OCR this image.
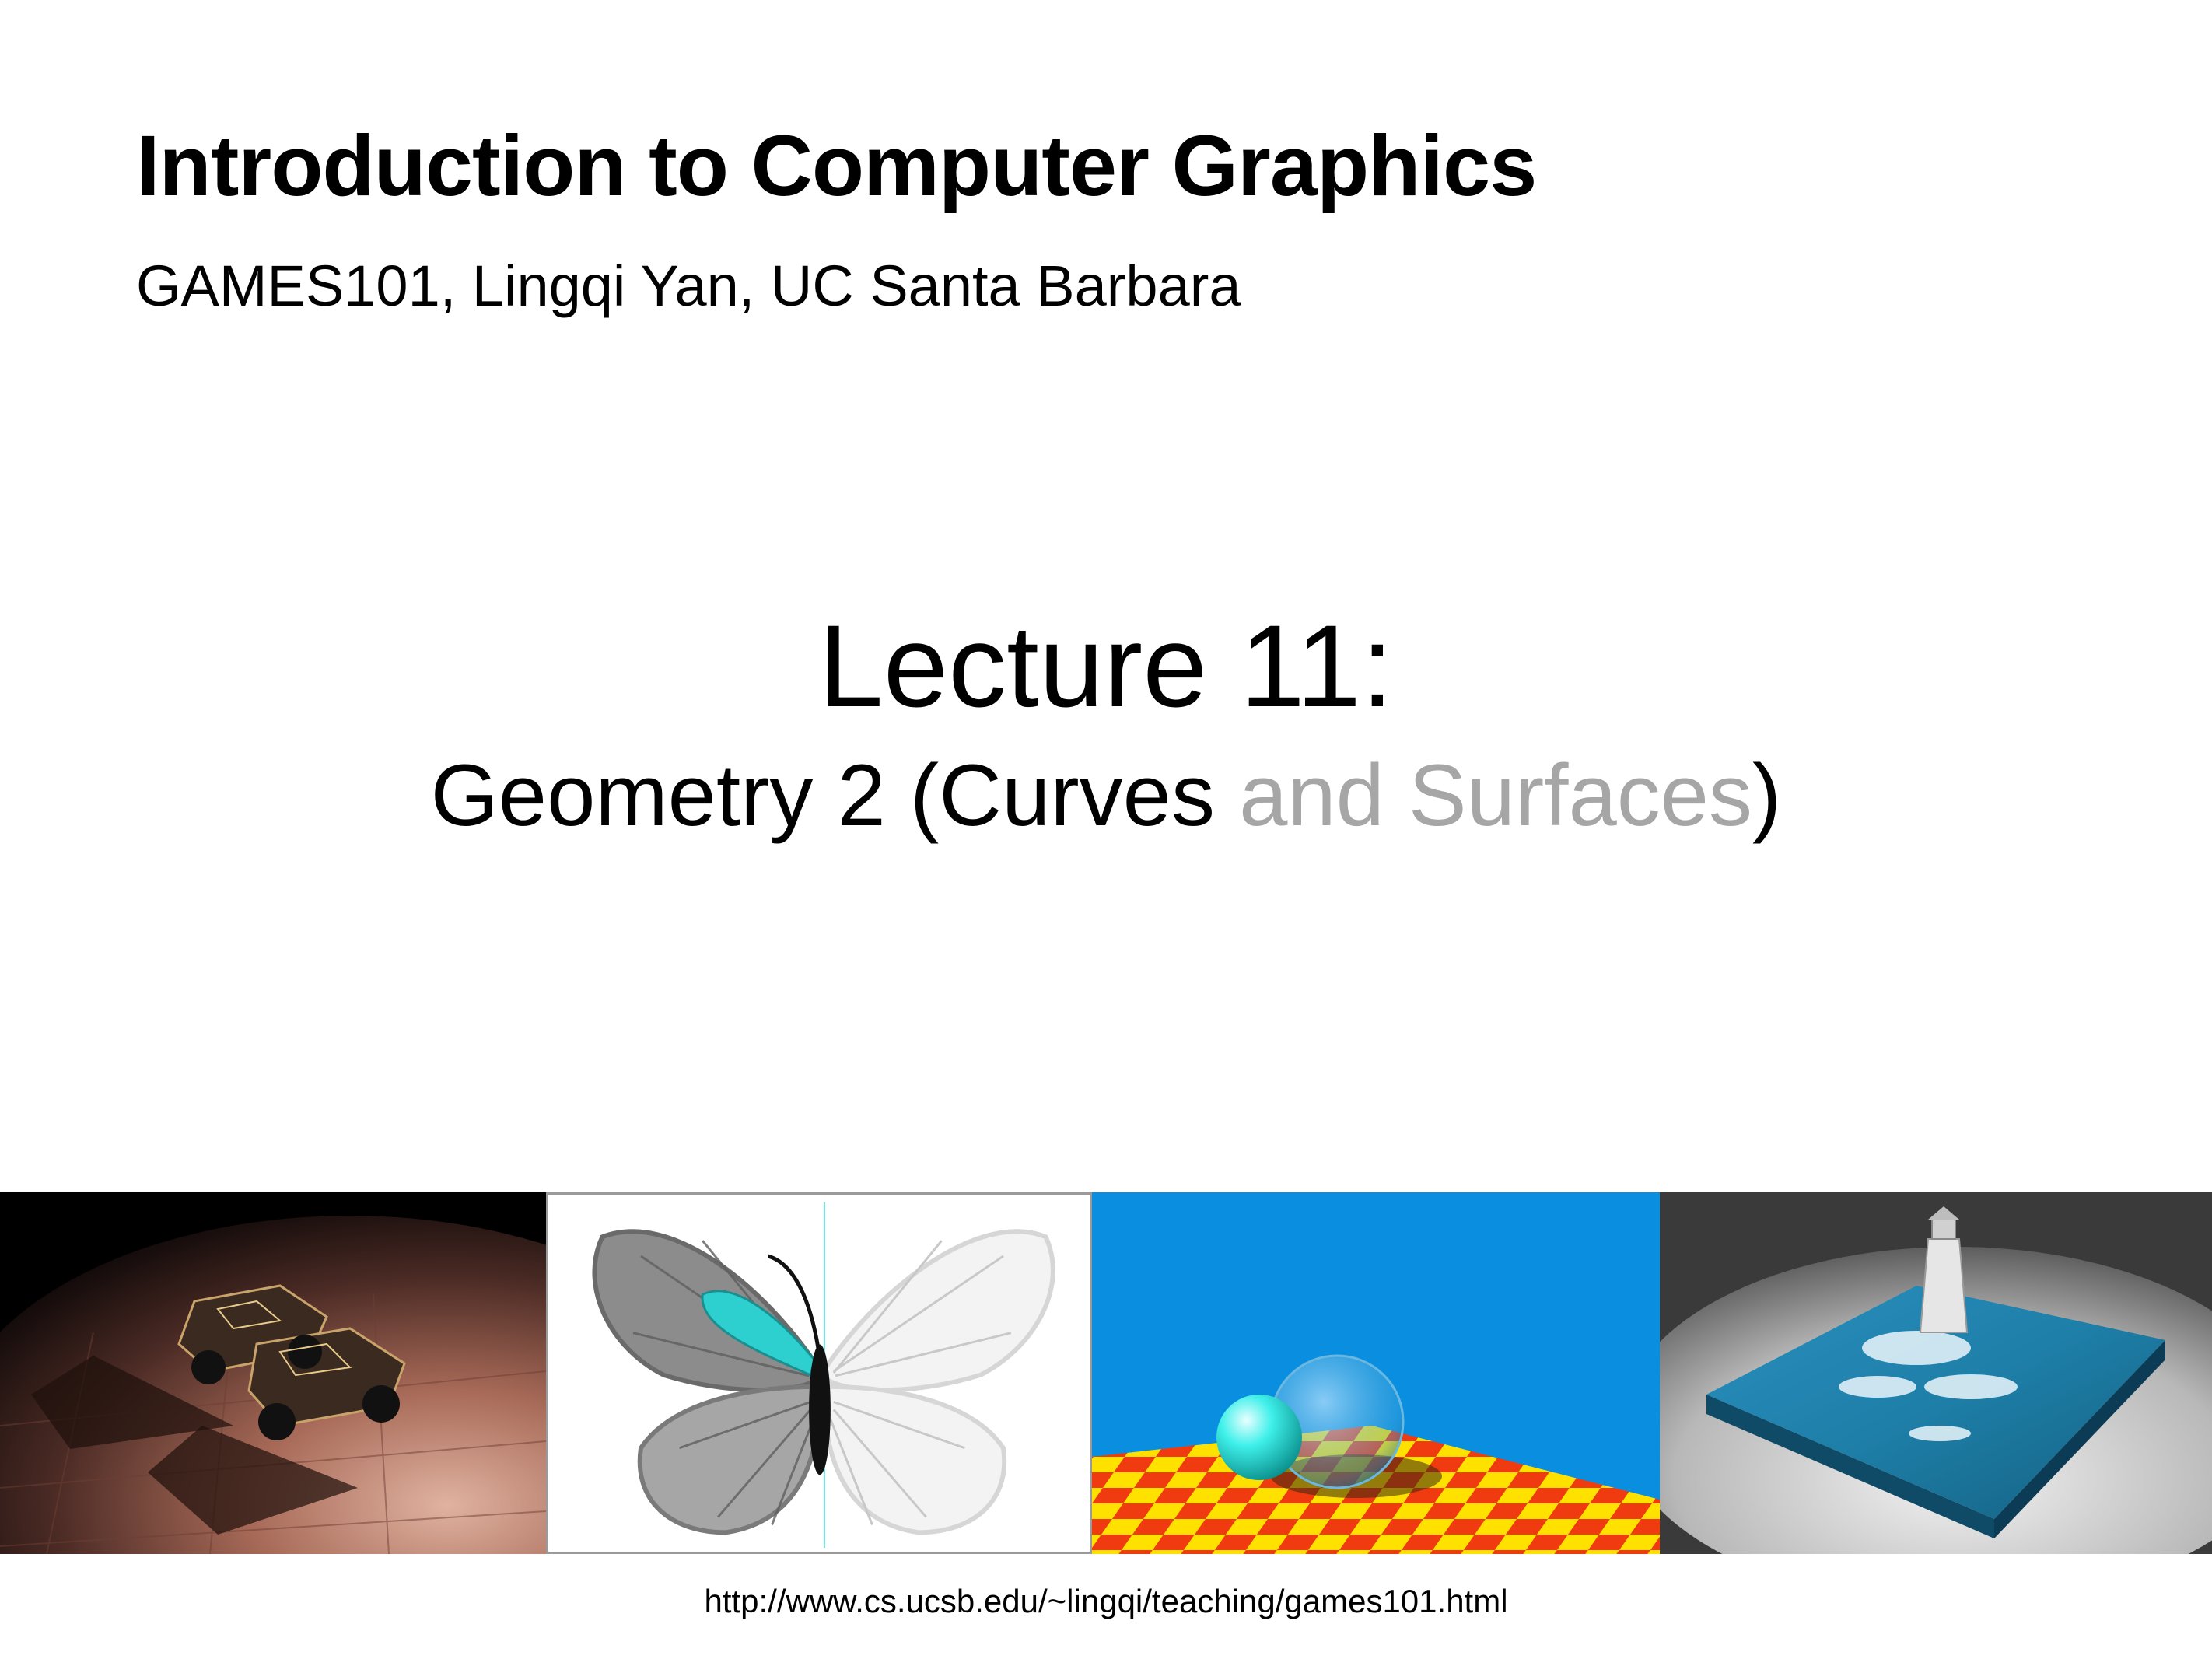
Introduction to Computer Graphics
GAMES101, Lingqi Yan, UC Santa Barbara
Lecture 11:
Geometry 2 (Curves and Surfaces)
http://www.cs.ucsb.edu/~lingqi/teaching/games101.html
